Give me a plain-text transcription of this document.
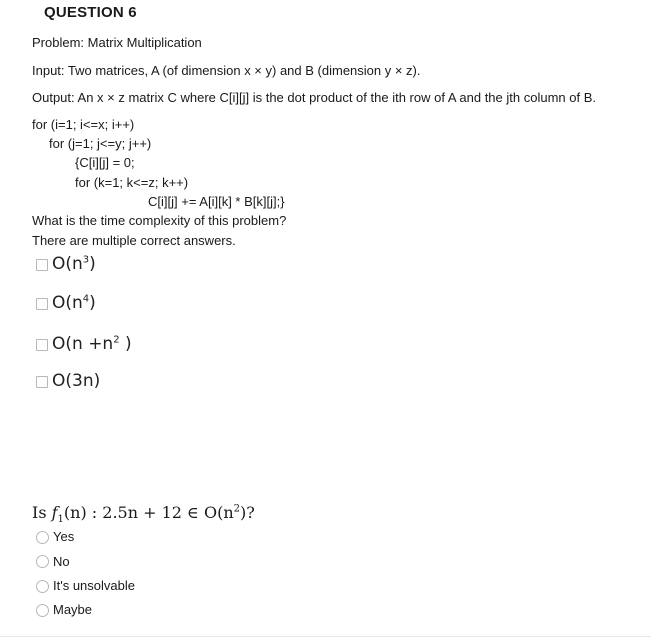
QUESTION 6
Problem: Matrix Multiplication
Input: Two matrices, A (of dimension x × y) and B (dimension y × z).
Output: An x × z matrix C where C[i][j] is the dot product of the ith row of A and the jth column of B.
for (i=1; i<=x; i++)
for (j=1; j<=y; j++)
{C[i][j] = 0;
for (k=1; k<=z; k++)
C[i][j] += A[i][k] * B[k][j];}
What is the time complexity of this problem?
There are multiple correct answers.
$O(n^3)$
$O(n^4)$
$O(n +n^2$ )
O(3n)
Is $f_1(n)$ : 2.5n + 12 ∈ $O(n^2)$?
Yes
No
It's unsolvable
Maybe
